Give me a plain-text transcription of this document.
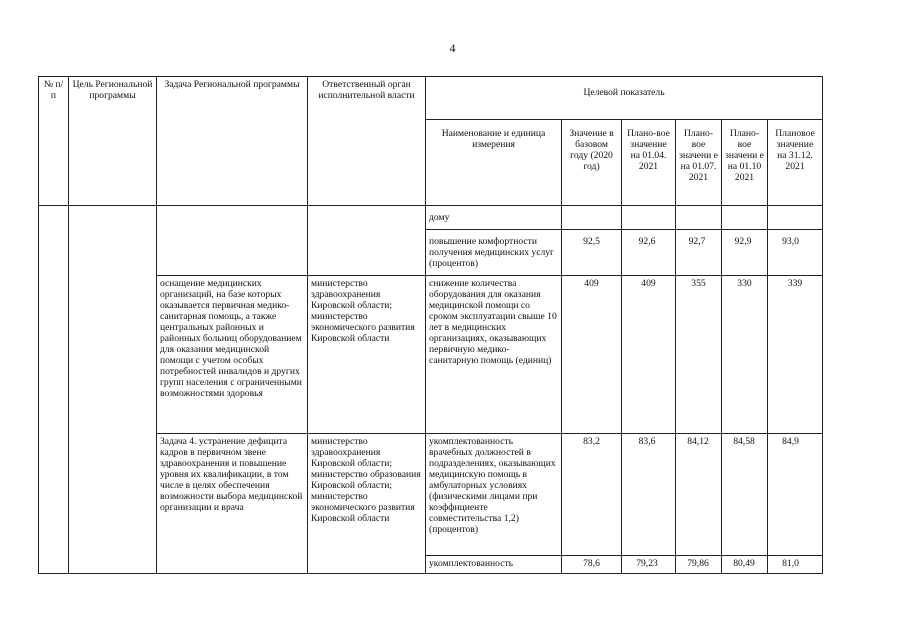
4
№ п/п	Цель Региональной программы	Задача Региональной программы	Ответственный орган исполнительной власти	Целевой показатель					
				Наименование и единица измерения	Значение в базовом году (2020 год)	Плано-вое значение на 01.04. 2021	Плано-вое значени е на 01.07. 2021	Плано-вое значени е на 01.10 2021	Плановое значение на 31.12. 2021
				дому					
				повышение комфортности получения медицинских услуг (процентов)	92,5	92,6	92,7	92,9	93,0
		оснащение медицинских организаций, на базе которых оказывается первичная медико-санитарная помощь, а также центральных районных и районных больниц оборудованием для оказания медицинской помощи с учетом особых потребностей инвалидов и других групп населения с ограниченными возможностями здоровья	министерство здравоохранения Кировской области; министерство экономического развития Кировской области	снижение количества оборудования для оказания медицинской помощи со сроком эксплуатации свыше 10 лет в медицинских организациях, оказывающих первичную медико-санитарную помощь (единиц)	409	409	355	330	339
		Задача 4. устранение дефицита кадров в первичном звене здравоохранения и повышение уровня их квалификации, в том числе в целях обеспечения возможности выбора медицинской организации и врача	министерство здравоохранения Кировской области; министерство образования Кировской области; министерство экономического развития Кировской области	укомплектованность врачебных должностей в подразделениях, оказывающих медицинскую помощь в амбулаторных условиях (физическими лицами при коэффициенте совместительства 1,2) (процентов)	83,2	83,6	84,12	84,58	84,9
				укомплектованность	78,6	79,23	79,86	80,49	81,0
